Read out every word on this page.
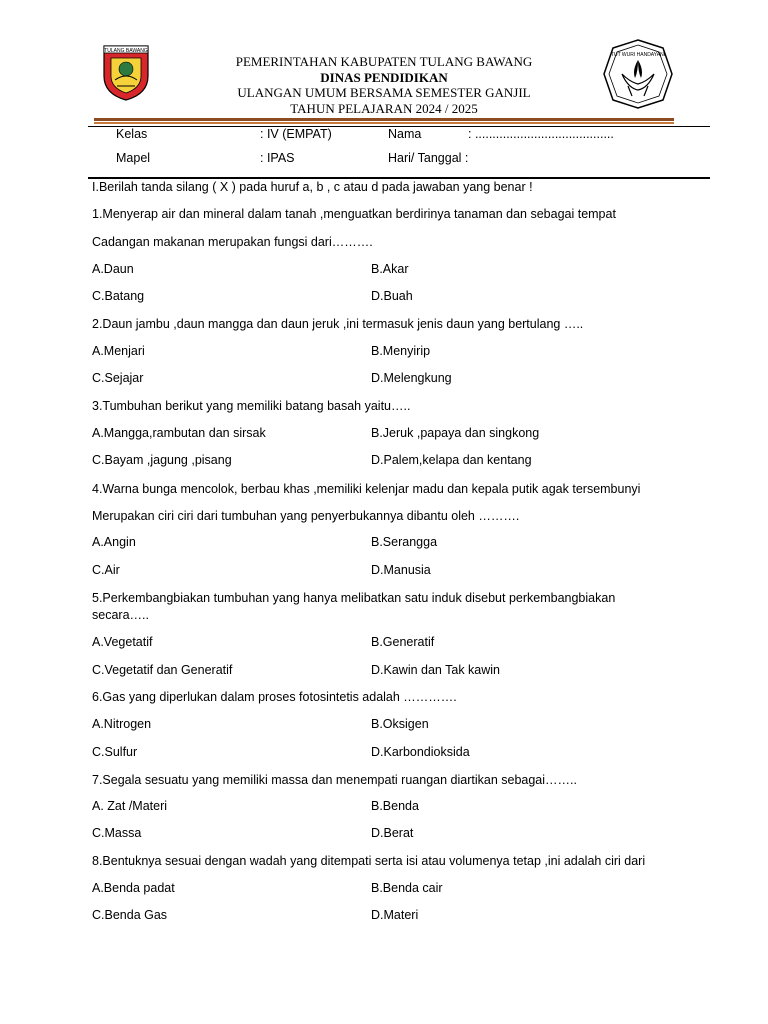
TULANG BAWANG
TUT WURI HANDAYANI
PEMERINTAHAN KABUPATEN TULANG BAWANG
DINAS PENDIDIKAN
ULANGAN UMUM BERSAMA SEMESTER GANJIL
TAHUN PELAJARAN 2024 / 2025
Kelas	: IV (EMPAT)	Nama	: ........................................
Mapel	: IPAS	Hari/ Tanggal :
I.Berilah tanda silang ( X ) pada huruf a, b , c atau d pada jawaban yang benar !
1.Menyerap air dan mineral dalam tanah ,menguatkan berdirinya tanaman dan sebagai tempat
Cadangan makanan merupakan fungsi dari……….
A.Daun	B.Akar
C.Batang	D.Buah
2.Daun jambu ,daun mangga dan daun jeruk ,ini termasuk jenis daun yang bertulang …..
A.Menjari	B.Menyirip
C.Sejajar	D.Melengkung
3.Tumbuhan berikut yang memiliki batang basah yaitu…..
A.Mangga,rambutan dan sirsak	B.Jeruk ,papaya dan singkong
C.Bayam ,jagung ,pisang	D.Palem,kelapa dan kentang
4.Warna bunga mencolok, berbau khas ,memiliki kelenjar madu dan kepala putik agak tersembunyi
Merupakan ciri ciri dari tumbuhan yang penyerbukannya dibantu oleh ……….
A.Angin	B.Serangga
C.Air	D.Manusia
5.Perkembangbiakan tumbuhan yang hanya melibatkan satu induk disebut perkembangbiakan secara…..
A.Vegetatif	B.Generatif
C.Vegetatif dan Generatif	D.Kawin dan Tak kawin
6.Gas yang diperlukan dalam proses fotosintetis adalah ………….
A.Nitrogen	B.Oksigen
C.Sulfur	D.Karbondioksida
7.Segala sesuatu yang memiliki massa dan menempati ruangan diartikan sebagai……..
A. Zat /Materi	B.Benda
C.Massa	D.Berat
8.Bentuknya sesuai dengan wadah yang ditempati serta isi atau volumenya tetap ,ini adalah ciri dari
A.Benda padat	B.Benda cair
C.Benda Gas	D.Materi
